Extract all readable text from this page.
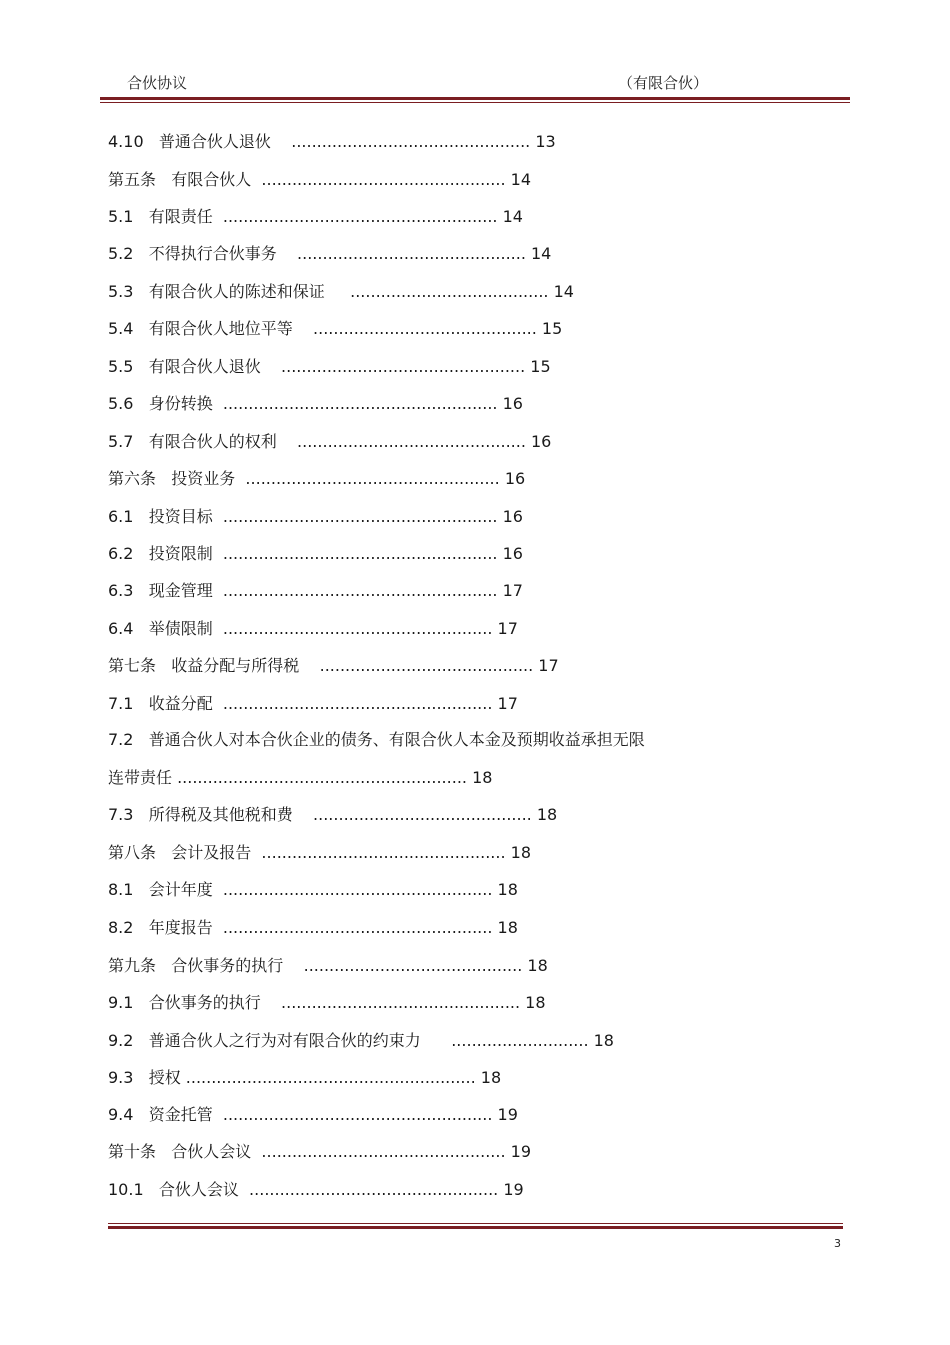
合伙协议	（有限合伙）
4.10   普通合伙人退伙    ............................................... 13
第五条   有限合伙人  ................................................ 14
5.1   有限责任  ...................................................... 14
5.2   不得执行合伙事务    ............................................. 14
5.3   有限合伙人的陈述和保证     ....................................... 14
5.4   有限合伙人地位平等    ............................................ 15
5.5   有限合伙人退伙    ................................................ 15
5.6   身份转换  ...................................................... 16
5.7   有限合伙人的权利    ............................................. 16
第六条   投资业务  .................................................. 16
6.1   投资目标  ...................................................... 16
6.2   投资限制  ...................................................... 16
6.3   现金管理  ...................................................... 17
6.4   举债限制  ..................................................... 17
第七条   收益分配与所得税    .......................................... 17
7.1   收益分配  ..................................................... 17
7.2   普通合伙人对本合伙企业的债务、有限合伙人本金及预期收益承担无限
连带责任 ......................................................... 18
7.3   所得税及其他税和费    ........................................... 18
第八条   会计及报告  ................................................ 18
8.1   会计年度  ..................................................... 18
8.2   年度报告  ..................................................... 18
第九条   合伙事务的执行    ........................................... 18
9.1   合伙事务的执行    ............................................... 18
9.2   普通合伙人之行为对有限合伙的约束力      ........................... 18
9.3   授权 ......................................................... 18
9.4   资金托管  ..................................................... 19
第十条   合伙人会议  ................................................ 19
10.1   合伙人会议  ................................................. 19
3
